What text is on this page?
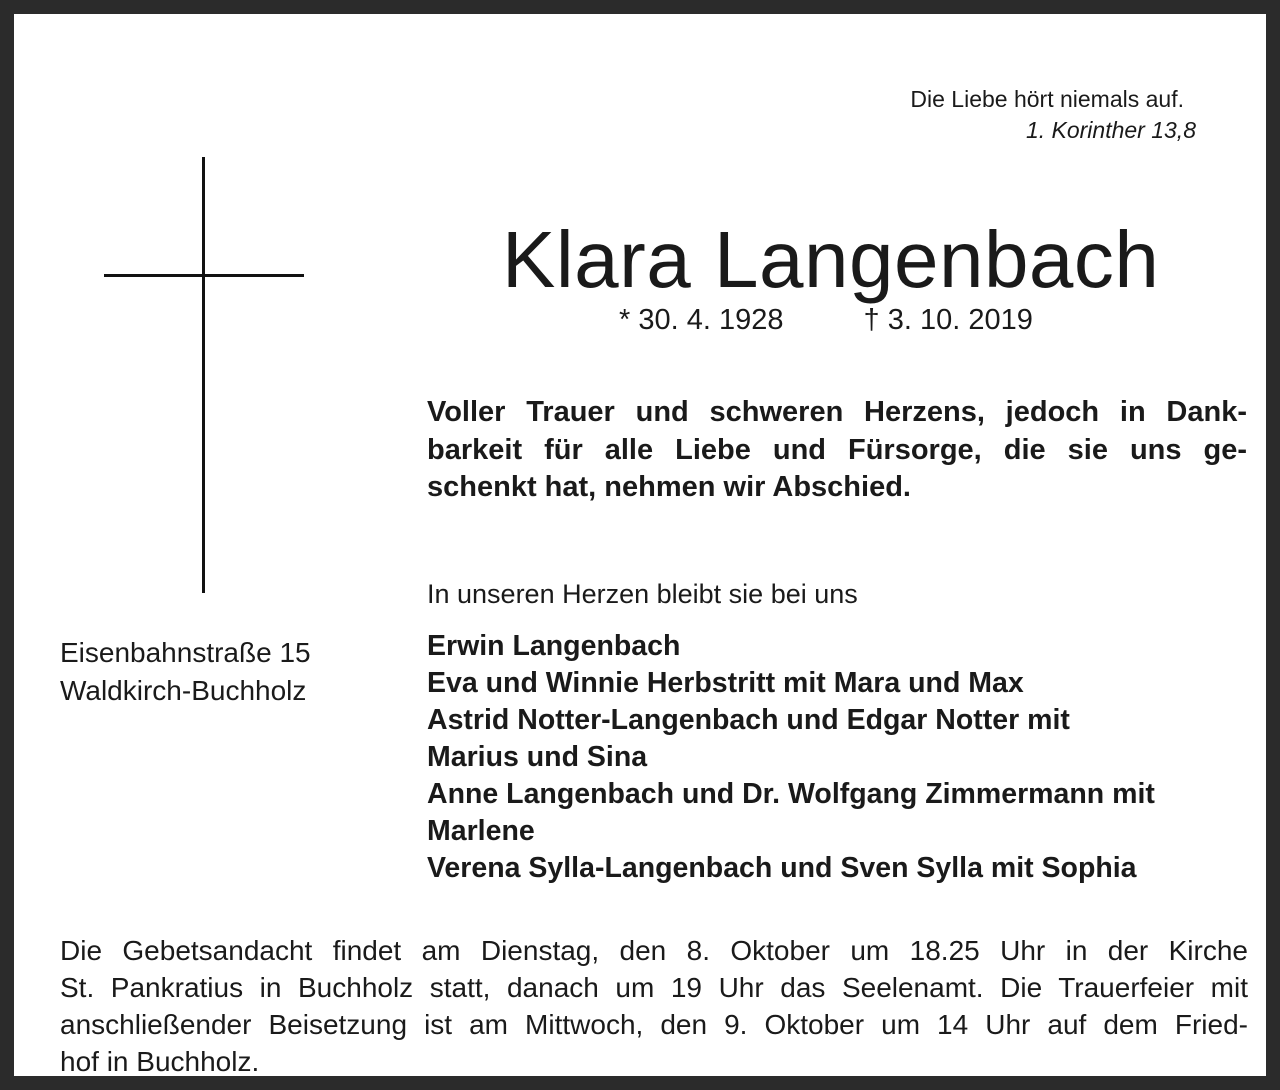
Die Liebe hört niemals auf.
1. Korinther 13,8
Klara Langenbach
* 30. 4. 1928	† 3. 10. 2019
Voller Trauer und schweren Herzens, jedoch in Dank-
barkeit für alle Liebe und Fürsorge, die sie uns ge-
schenkt hat, nehmen wir Abschied.
In unseren Herzen bleibt sie bei uns
Eisenbahnstraße 15
Waldkirch-Buchholz
Erwin Langenbach
Eva und Winnie Herbstritt mit Mara und Max
Astrid Notter-Langenbach und Edgar Notter mit
Marius und Sina
Anne Langenbach und Dr. Wolfgang Zimmermann mit
Marlene
Verena Sylla-Langenbach und Sven Sylla mit Sophia
Die Gebetsandacht findet am Dienstag, den 8. Oktober um 18.25 Uhr in der Kirche
St. Pankratius in Buchholz statt, danach um 19 Uhr das Seelenamt. Die Trauerfeier mit
anschließender Beisetzung ist am Mittwoch, den 9. Oktober um 14 Uhr auf dem Fried-
hof in Buchholz.
